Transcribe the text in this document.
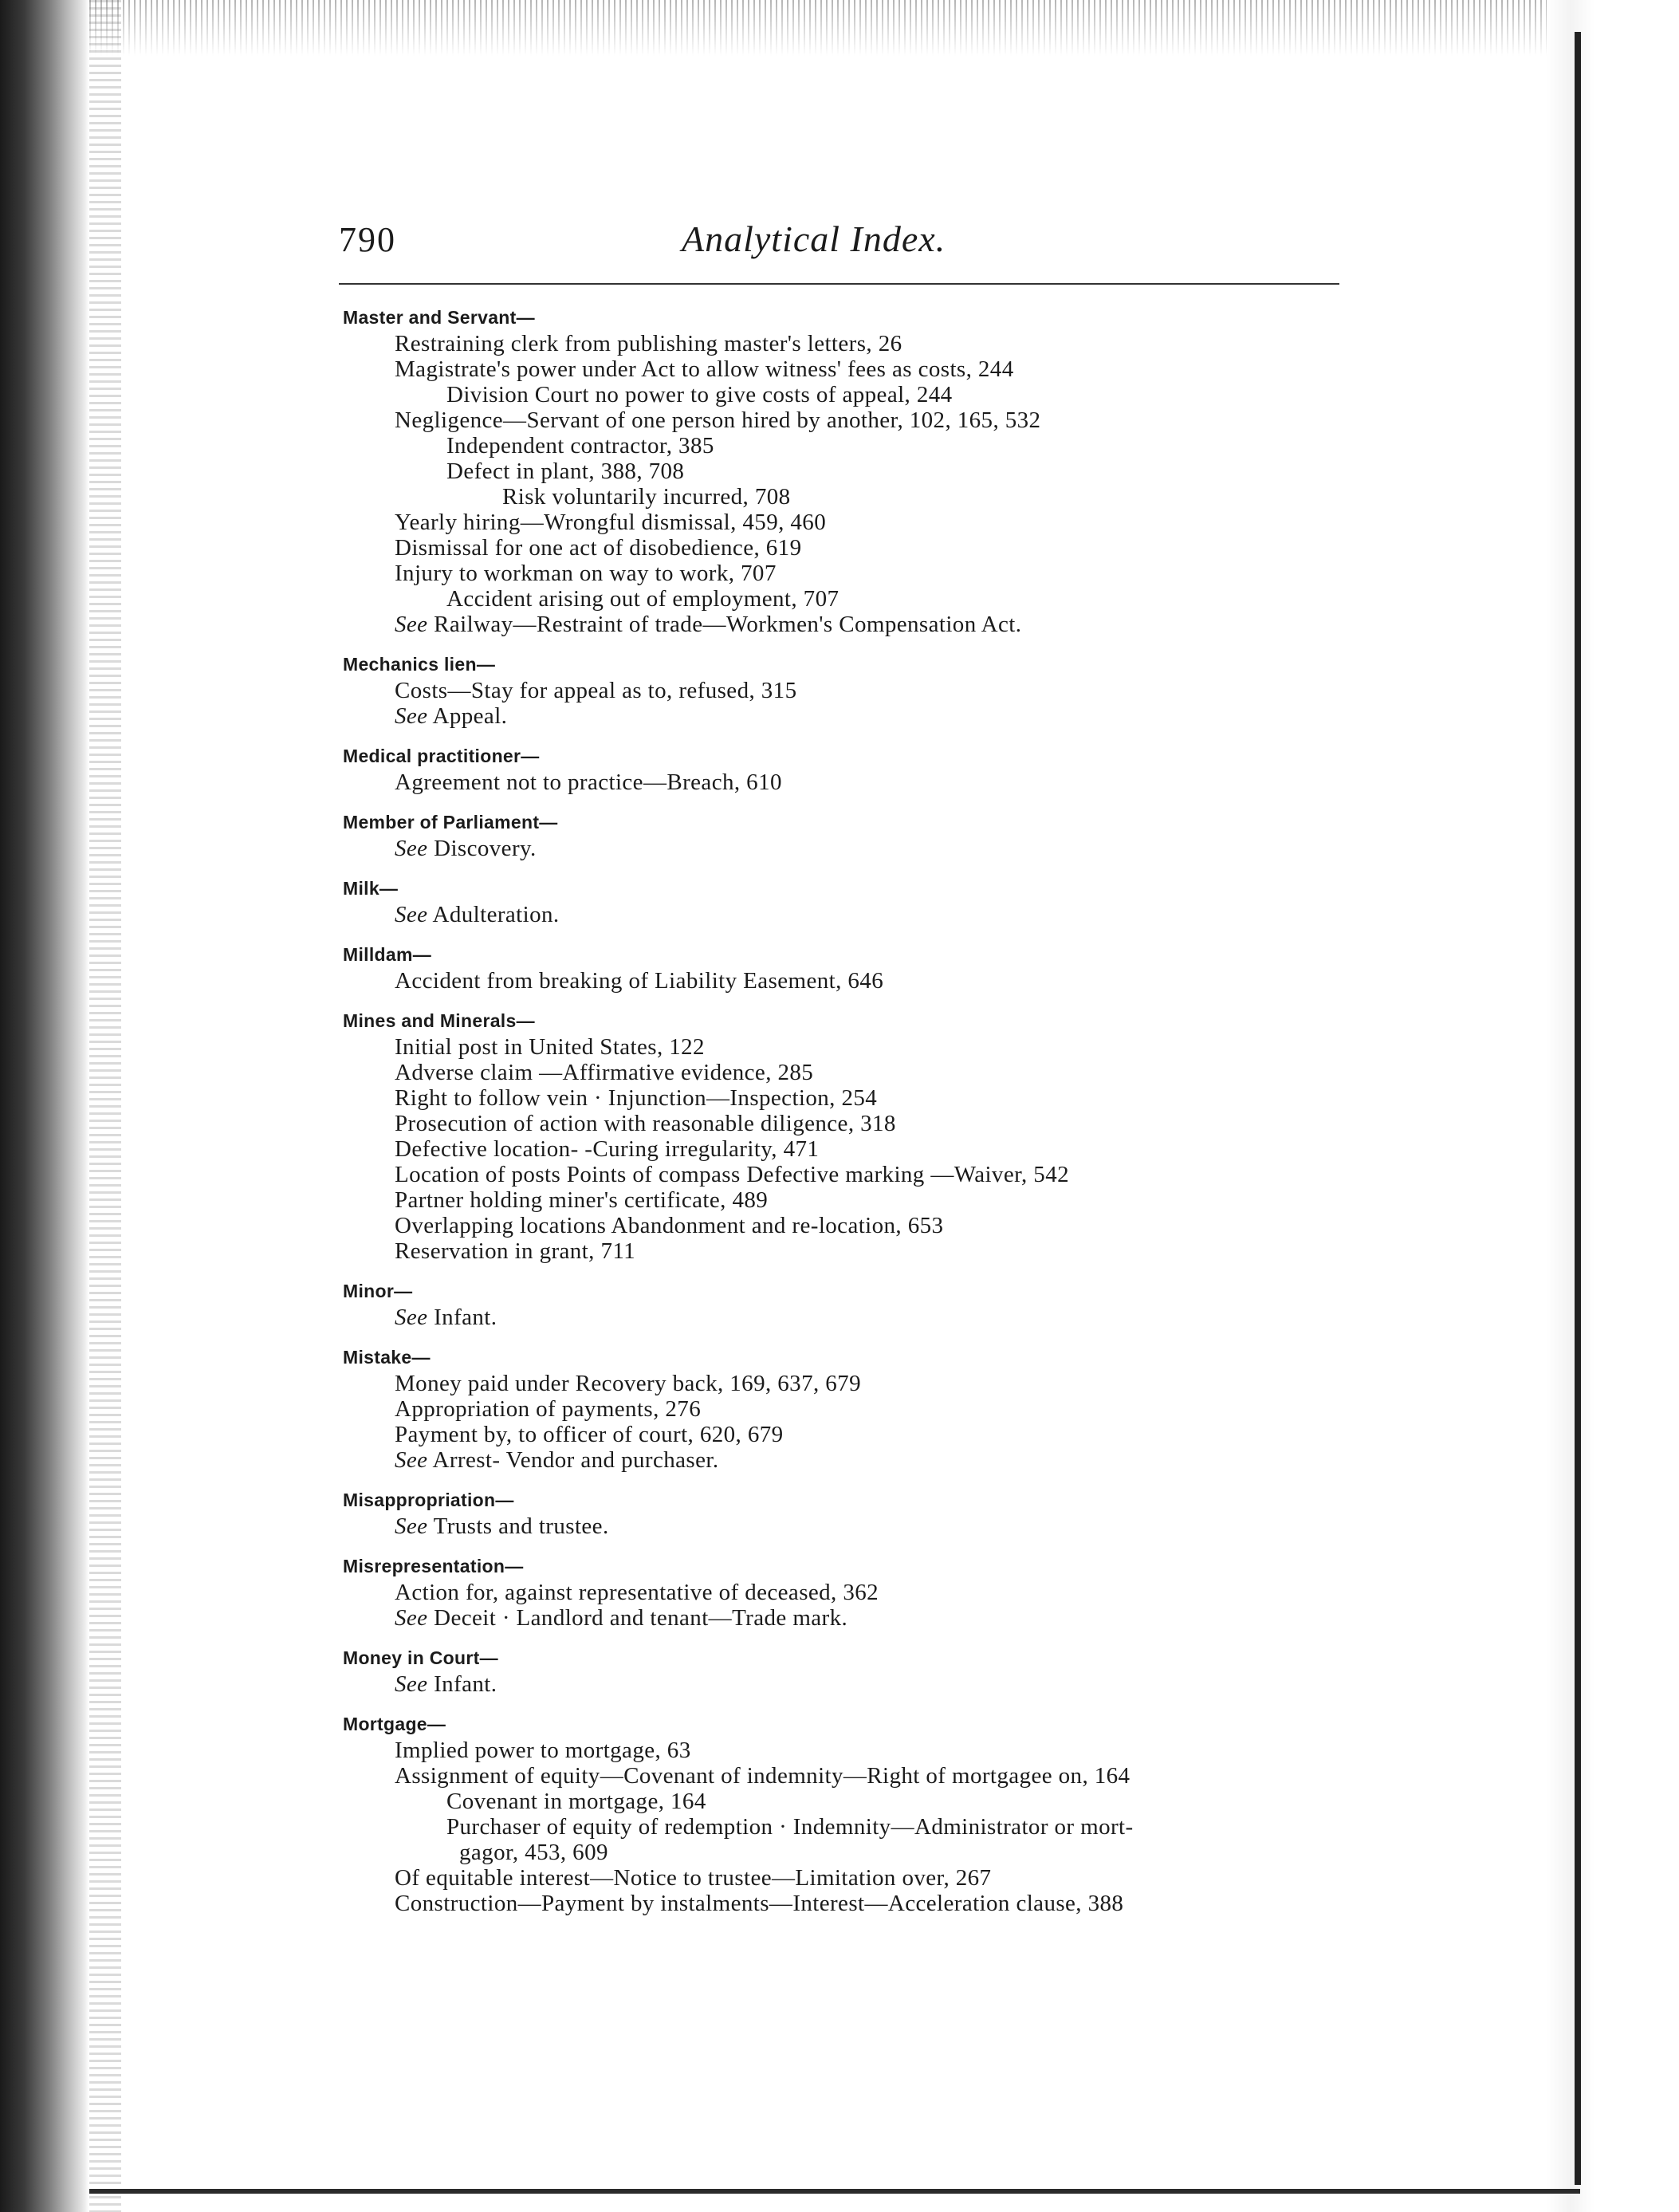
790	Analytical Index.
Master and Servant—
Restraining clerk from publishing master's letters, 26
Magistrate's power under Act to allow witness' fees as costs, 244
Division Court no power to give costs of appeal, 244
Negligence—Servant of one person hired by another, 102, 165, 532
Independent contractor, 385
Defect in plant, 388, 708
Risk voluntarily incurred, 708
Yearly hiring—Wrongful dismissal, 459, 460
Dismissal for one act of disobedience, 619
Injury to workman on way to work, 707
Accident arising out of employment, 707
See Railway—Restraint of trade—Workmen's Compensation Act.
Mechanics lien—
Costs—Stay for appeal as to, refused, 315
See Appeal.
Medical practitioner—
Agreement not to practice—Breach, 610
Member of Parliament—
See Discovery.
Milk—
See Adulteration.
Milldam—
Accident from breaking of Liability Easement, 646
Mines and Minerals—
Initial post in United States, 122
Adverse claim —Affirmative evidence, 285
Right to follow vein · Injunction—Inspection, 254
Prosecution of action with reasonable diligence, 318
Defective location- -Curing irregularity, 471
Location of posts Points of compass Defective marking —Waiver, 542
Partner holding miner's certificate, 489
Overlapping locations Abandonment and re-location, 653
Reservation in grant, 711
Minor—
See Infant.
Mistake—
Money paid under Recovery back, 169, 637, 679
Appropriation of payments, 276
Payment by, to officer of court, 620, 679
See Arrest- Vendor and purchaser.
Misappropriation—
See Trusts and trustee.
Misrepresentation—
Action for, against representative of deceased, 362
See Deceit · Landlord and tenant—Trade mark.
Money in Court—
See Infant.
Mortgage—
Implied power to mortgage, 63
Assignment of equity—Covenant of indemnity—Right of mortgagee on, 164
Covenant in mortgage, 164
Purchaser of equity of redemption · Indemnity—Administrator or mort-
gagor, 453, 609
Of equitable interest—Notice to trustee—Limitation over, 267
Construction—Payment by instalments—Interest—Acceleration clause, 388
